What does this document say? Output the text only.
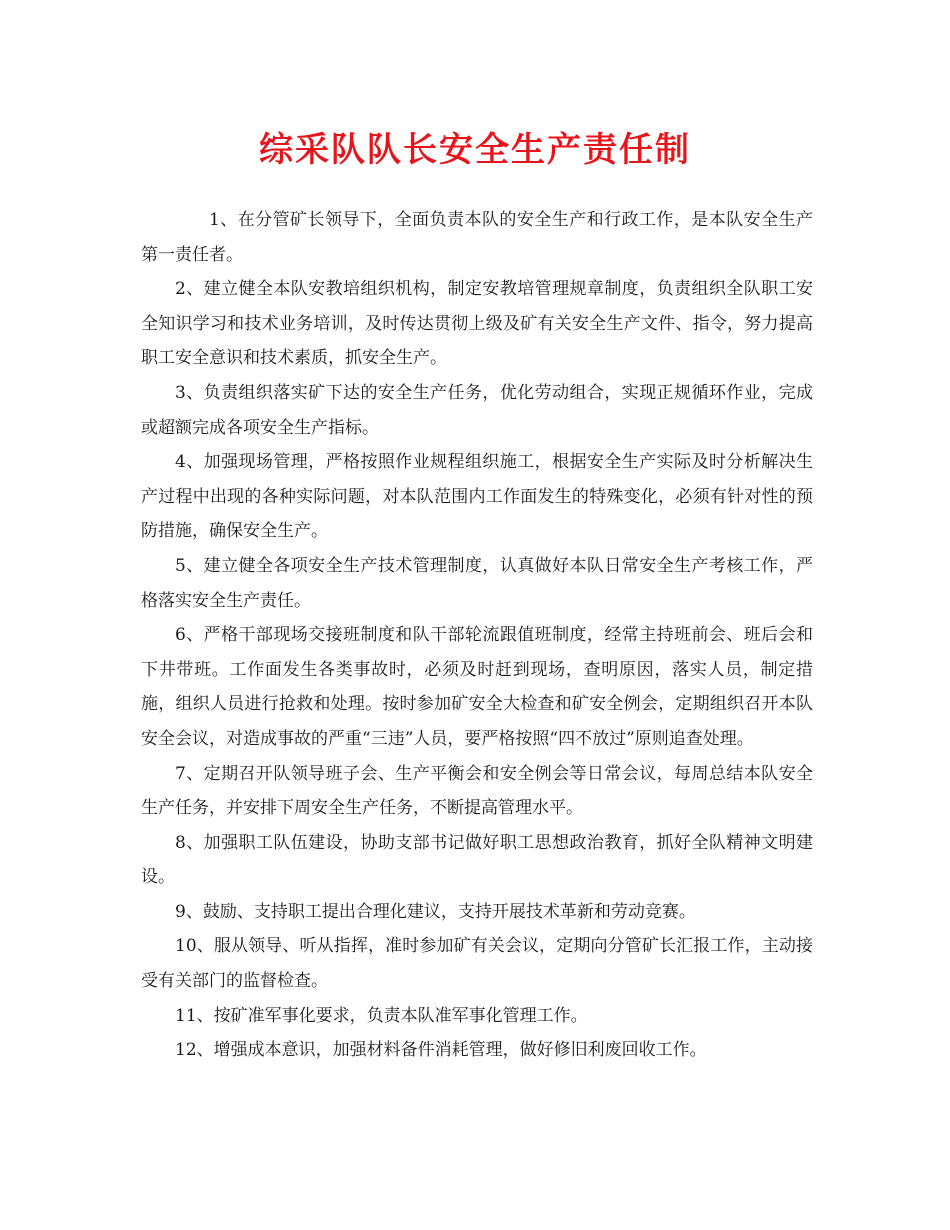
综采队队长安全生产责任制

1、在分管矿长领导下，全面负责本队的安全生产和行政工作，是本队安全生产第一责任者。

2、建立健全本队安教培组织机构，制定安教培管理规章制度，负责组织全队职工安全知识学习和技术业务培训，及时传达贯彻上级及矿有关安全生产文件、指令，努力提高职工安全意识和技术素质，抓安全生产。

3、负责组织落实矿下达的安全生产任务，优化劳动组合，实现正规循环作业，完成或超额完成各项安全生产指标。

4、加强现场管理，严格按照作业规程组织施工，根据安全生产实际及时分析解决生产过程中出现的各种实际问题，对本队范围内工作面发生的特殊变化，必须有针对性的预防措施，确保安全生产。

5、建立健全各项安全生产技术管理制度，认真做好本队日常安全生产考核工作，严格落实安全生产责任。

6、严格干部现场交接班制度和队干部轮流跟值班制度，经常主持班前会、班后会和下井带班。工作面发生各类事故时，必须及时赶到现场，查明原因，落实人员，制定措施，组织人员进行抢救和处理。按时参加矿安全大检查和矿安全例会，定期组织召开本队安全会议，对造成事故的严重“三违”人员，要严格按照“四不放过”原则追查处理。

7、定期召开队领导班子会、生产平衡会和安全例会等日常会议，每周总结本队安全生产任务，并安排下周安全生产任务，不断提高管理水平。

8、加强职工队伍建设，协助支部书记做好职工思想政治教育，抓好全队精神文明建设。

9、鼓励、支持职工提出合理化建议，支持开展技术革新和劳动竞赛。

10、服从领导、听从指挥，准时参加矿有关会议，定期向分管矿长汇报工作，主动接受有关部门的监督检查。

11、按矿准军事化要求，负责本队准军事化管理工作。

12、增强成本意识，加强材料备件消耗管理，做好修旧利废回收工作。
